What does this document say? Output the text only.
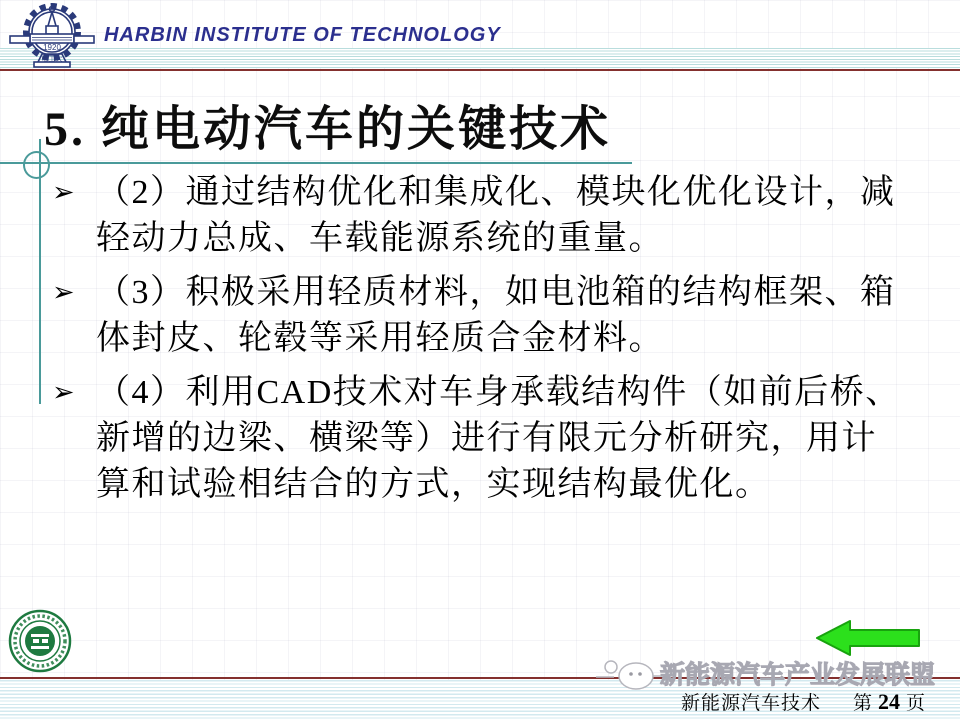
1920
哈工大
HARBIN INSTITUTE OF TECHNOLOGY
5. 纯电动汽车的关键技术
➢ （2）通过结构优化和集成化、模块化优化设计，减
轻动力总成、车载能源系统的重量。
➢ （3）积极采用轻质材料，如电池箱的结构框架、箱
体封皮、轮毂等采用轻质合金材料。
➢ （4）利用CAD技术对车身承载结构件（如前后桥、
新增的边梁、横梁等）进行有限元分析研究，用计
算和试验相结合的方式，实现结构最优化。
新能源汽车产业发展联盟
新能源汽车技术 第 24 页
